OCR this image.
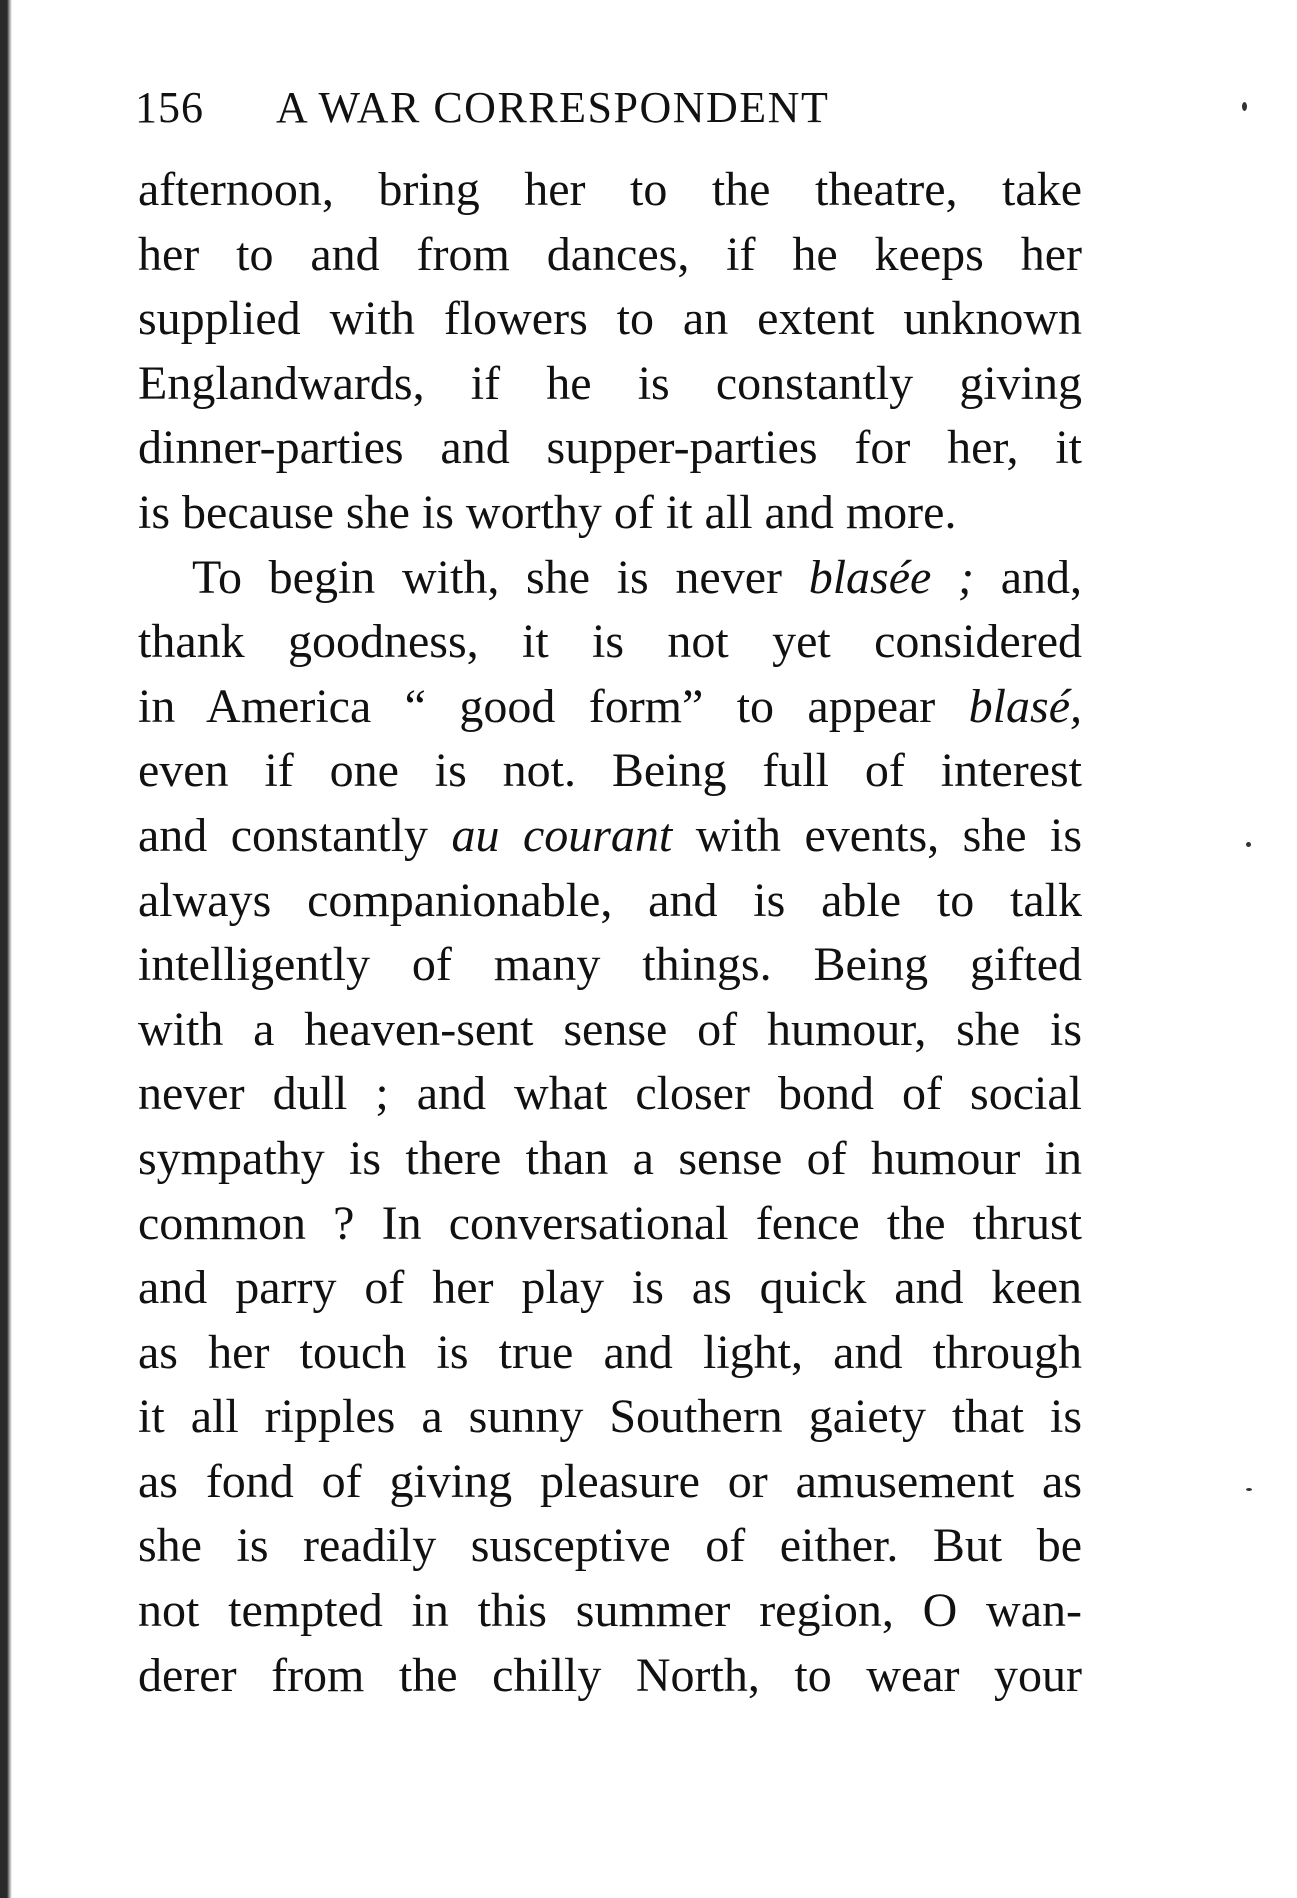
156 A WAR CORRESPONDENT
afternoon, bring her to the theatre, take
her to and from dances, if he keeps her
supplied with flowers to an extent unknown
Englandwards, if he is constantly giving
dinner-parties and supper-parties for her, it
is because she is worthy of it all and more.
To begin with, she is never blasée ; and,
thank goodness, it is not yet considered
in America “ good form” to appear blasé,
even if one is not. Being full of interest
and constantly au courant with events, she is
always companionable, and is able to talk
intelligently of many things. Being gifted
with a heaven-sent sense of humour, she is
never dull ; and what closer bond of social
sympathy is there than a sense of humour in
common ? In conversational fence the thrust
and parry of her play is as quick and keen
as her touch is true and light, and through
it all ripples a sunny Southern gaiety that is
as fond of giving pleasure or amusement as
she is readily susceptive of either. But be
not tempted in this summer region, O wan-
derer from the chilly North, to wear your
